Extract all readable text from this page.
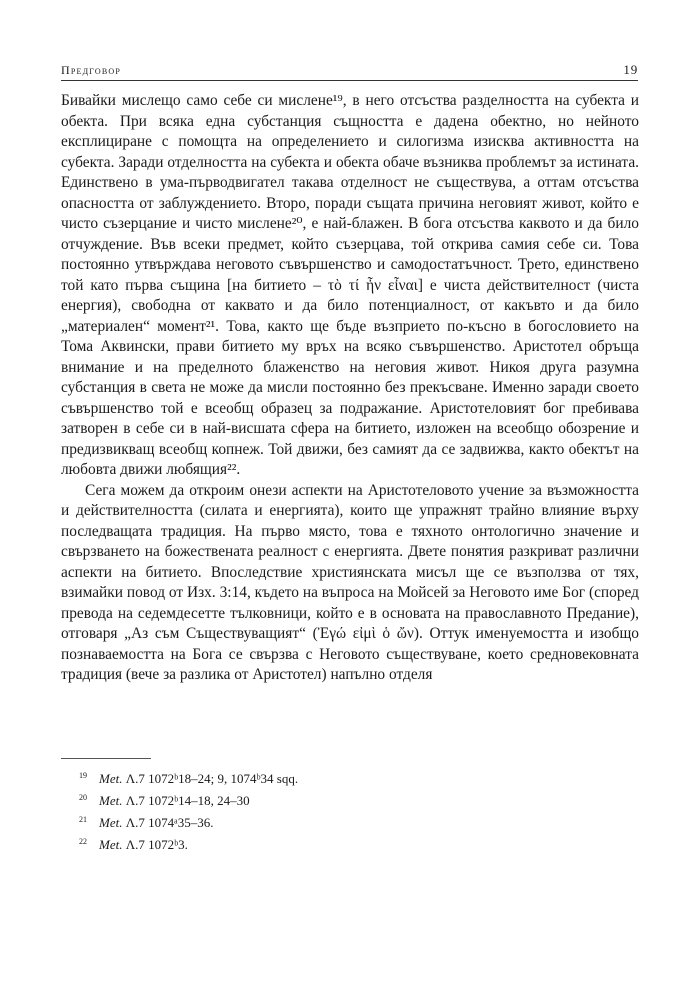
Предговор	19

Бивайки мислещо само себе си мислене¹⁹, в него отсъства разделността на субекта и обекта. При всяка една субстанция същността е дадена обектно, но нейното експлициране с помощта на определението и силогизма изисква активността на субекта. Заради отделността на субекта и обекта обаче възниква проблемът за истината. Единствено в ума-първодвигател такава отделност не съществува, а оттам отсъства опасността от заблуждението. Второ, поради същата причина неговият живот, който е чисто съзерцание и чисто мислене²⁰, е най-блажен. В бога отсъства каквото и да било отчуждение. Във всеки предмет, който съзерцава, той открива самия себе си. Това постоянно утвърждава неговото съвършенство и самодостатъчност. Трето, единствено той като първа същина [на битието – τὸ τί ἦν εἶναι] е чиста действителност (чиста енергия), свободна от каквато и да било потенциалност, от какъвто и да било „материален“ момент²¹. Това, както ще бъде възприето по-късно в богословието на Тома Аквински, прави битието му връх на всяко съвършенство. Аристотел обръща внимание и на пределното блаженство на неговия живот. Никоя друга разумна субстанция в света не може да мисли постоянно без прекъсване. Именно заради своето съвършенство той е всеобщ образец за подражание. Аристотеловият бог пребивава затворен в себе си в най-висшата сфера на битието, изложен на всеобщо обозрение и предизвикващ всеобщ копнеж. Той движи, без самият да се задвижва, както обектът на любовта движи любящия²².

Сега можем да откроим онези аспекти на Аристотеловото учение за възможността и действителността (силата и енергията), които ще упражнят трайно влияние върху последващата традиция. На първо място, това е тяхното онтологично значение и свързването на божествената реалност с енергията. Двете понятия разкриват различни аспекти на битието. Впоследствие християнската мисъл ще се възползва от тях, взимайки повод от Изх. 3:14, където на въпроса на Мойсей за Неговото име Бог (според превода на седемдесетте тълковници, който е в основата на православното Предание), отговаря „Аз съм Съществуващият“ (Ἐγώ εἰμὶ ὁ ὤν). Оттук именуемостта и изобщо познаваемостта на Бога се свързва с Неговото съществуване, което средновековната традиция (вече за разлика от Аристотел) напълно отделя

19 Met. Λ.7 1072ᵇ18–24; 9, 1074ᵇ34 sqq.
20 Met. Λ.7 1072ᵇ14–18, 24–30
21 Met. Λ.7 1074ᵃ35–36.
22 Met. Λ.7 1072ᵇ3.
